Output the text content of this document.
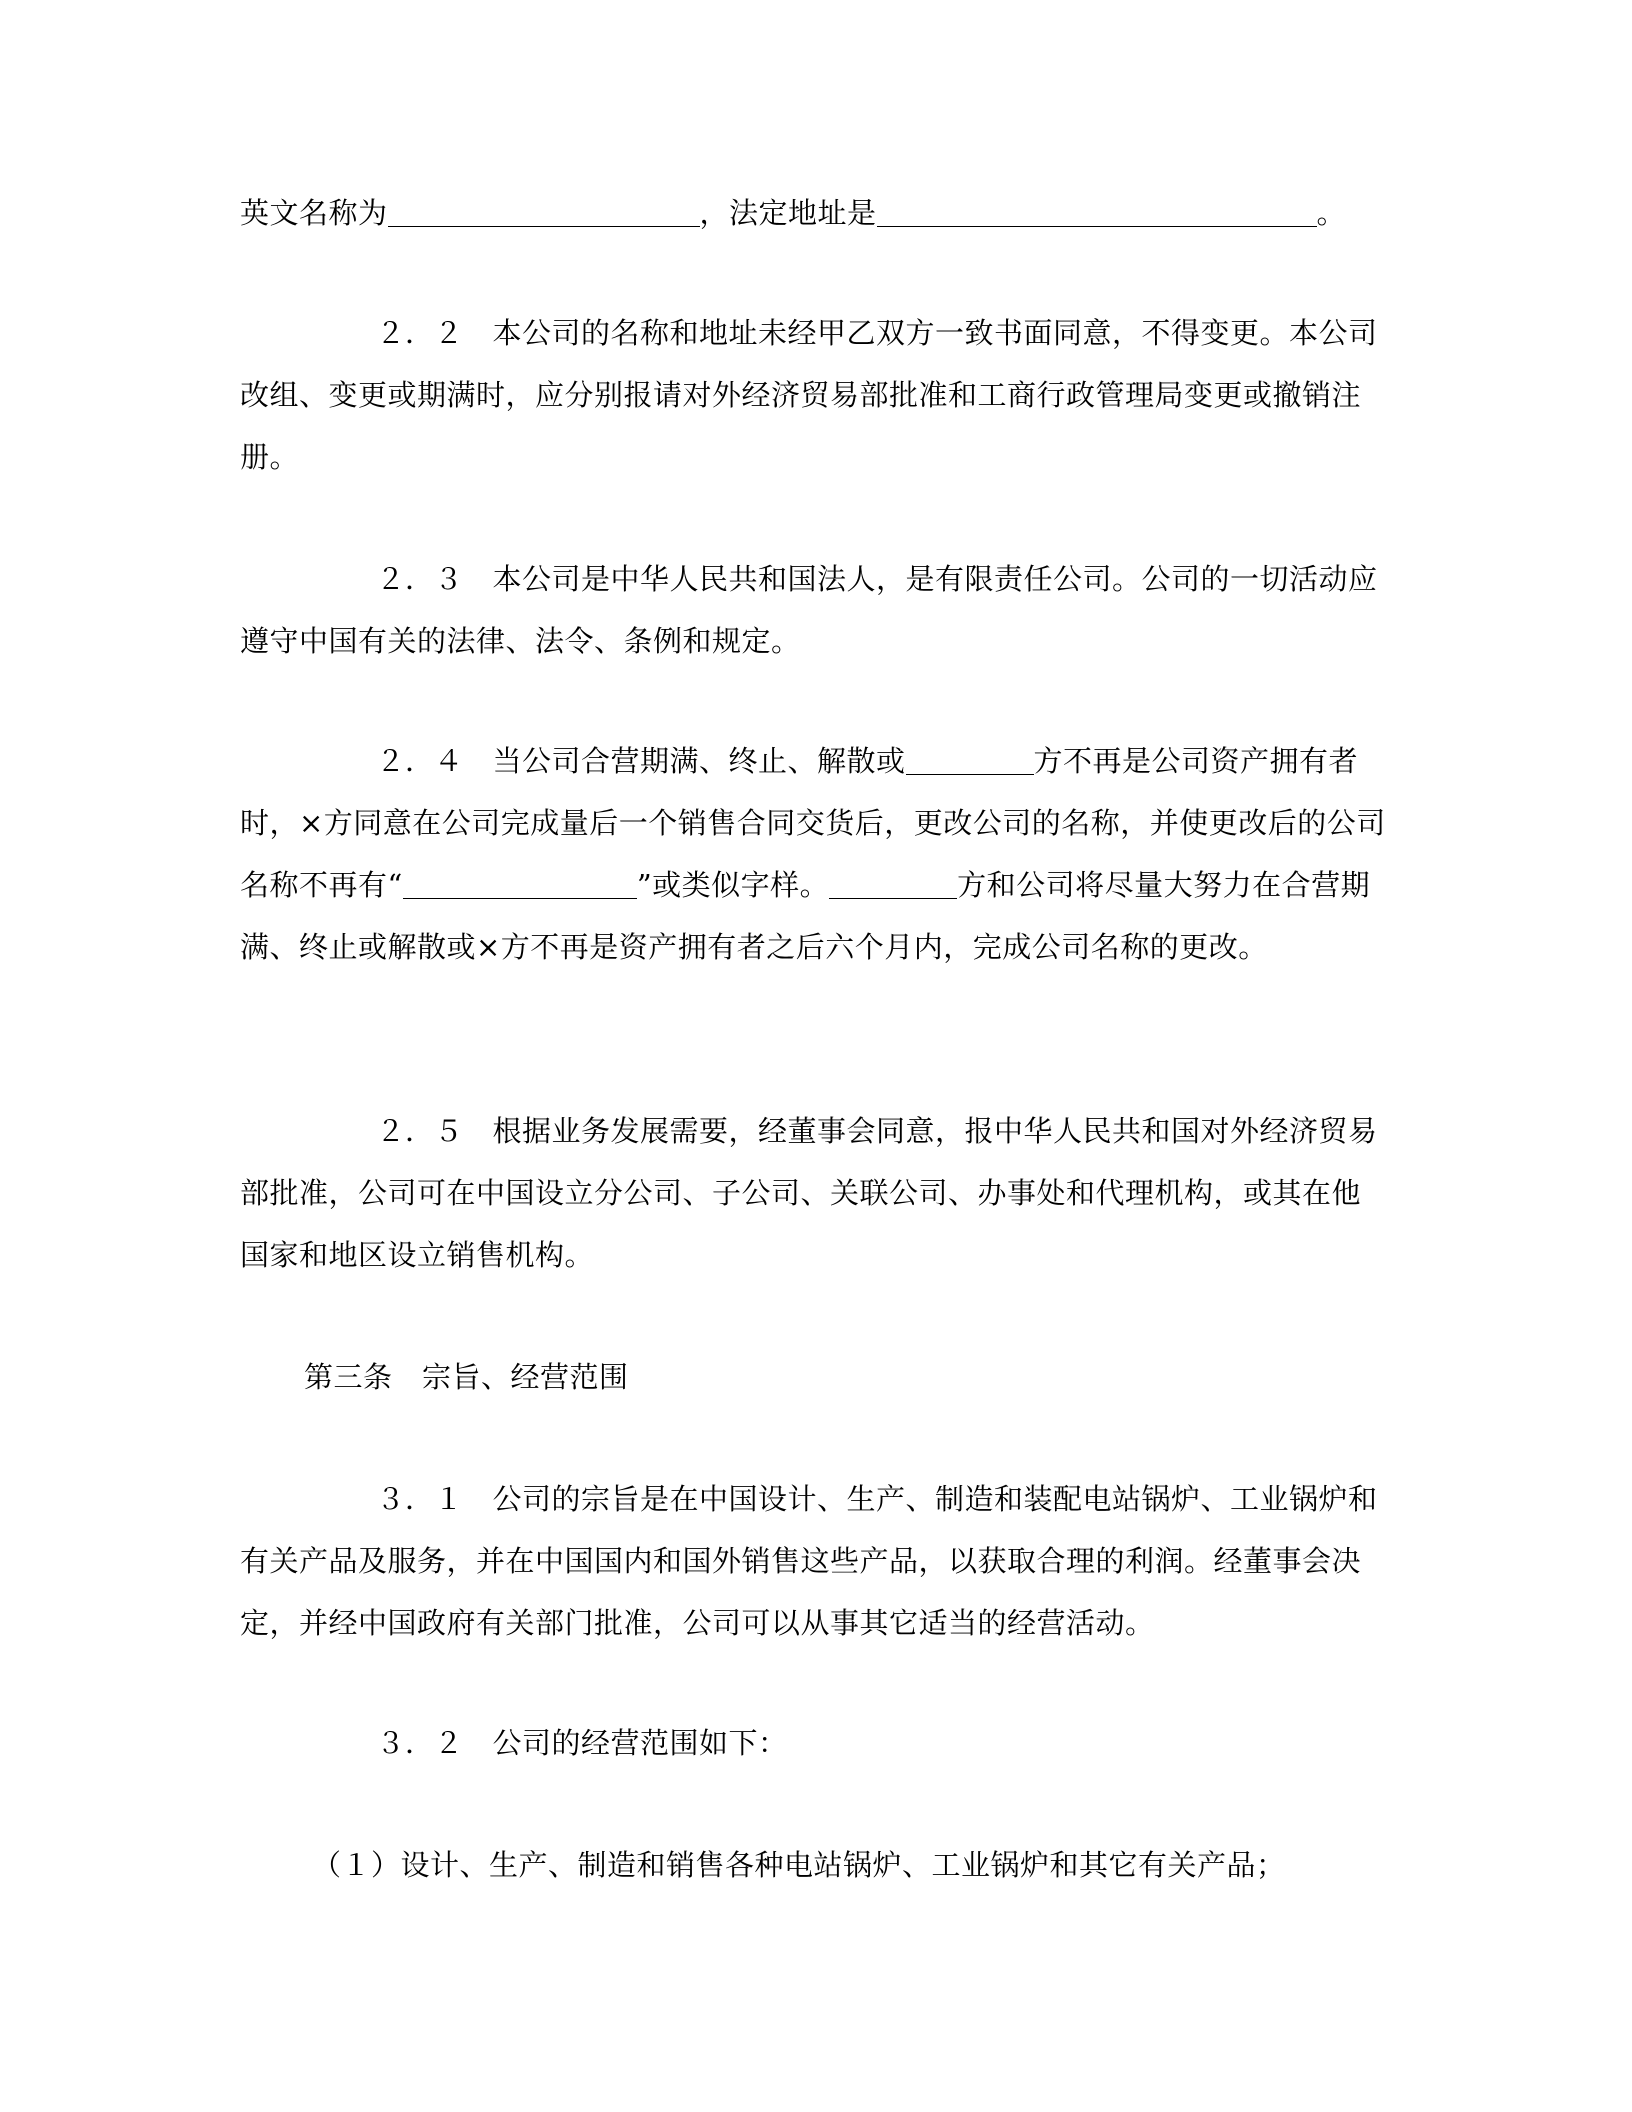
英文名称为	，法定地址是	。

２．２　 本公司的名称和地址未经甲乙双方一致书面同意，不得变更。本公司改组、变更或期满时，应分别报请对外经济贸易部批准和工商行政管理局变更或撤销注册。

２．３　 本公司是中华人民共和国法人，是有限责任公司。公司的一切活动应遵守中国有关的法律、法令、条例和规定。

２．４　 当公司合营期满、终止、解散或	方不再是公司资产拥有者时，×方同意在公司完成量后一个销售合同交货后，更改公司的名称，并使更改后的公司名称不再有“	”或类似字样。	方和公司将尽量大努力在合营期满、终止或解散或×方不再是资产拥有者之后六个月内，完成公司名称的更改。

２．５　 根据业务发展需要，经董事会同意，报中华人民共和国对外经济贸易部批准，公司可在中国设立分公司、子公司、关联公司、办事处和代理机构，或其在他国家和地区设立销售机构。

第三条　 宗旨、经营范围

３．１　 公司的宗旨是在中国设计、生产、制造和装配电站锅炉、工业锅炉和有关产品及服务，并在中国国内和国外销售这些产品，以获取合理的利润。经董事会决定，并经中国政府有关部门批准，公司可以从事其它适当的经营活动。

３．２　 公司的经营范围如下：

（１）设计、生产、制造和销售各种电站锅炉、工业锅炉和其它有关产品；
